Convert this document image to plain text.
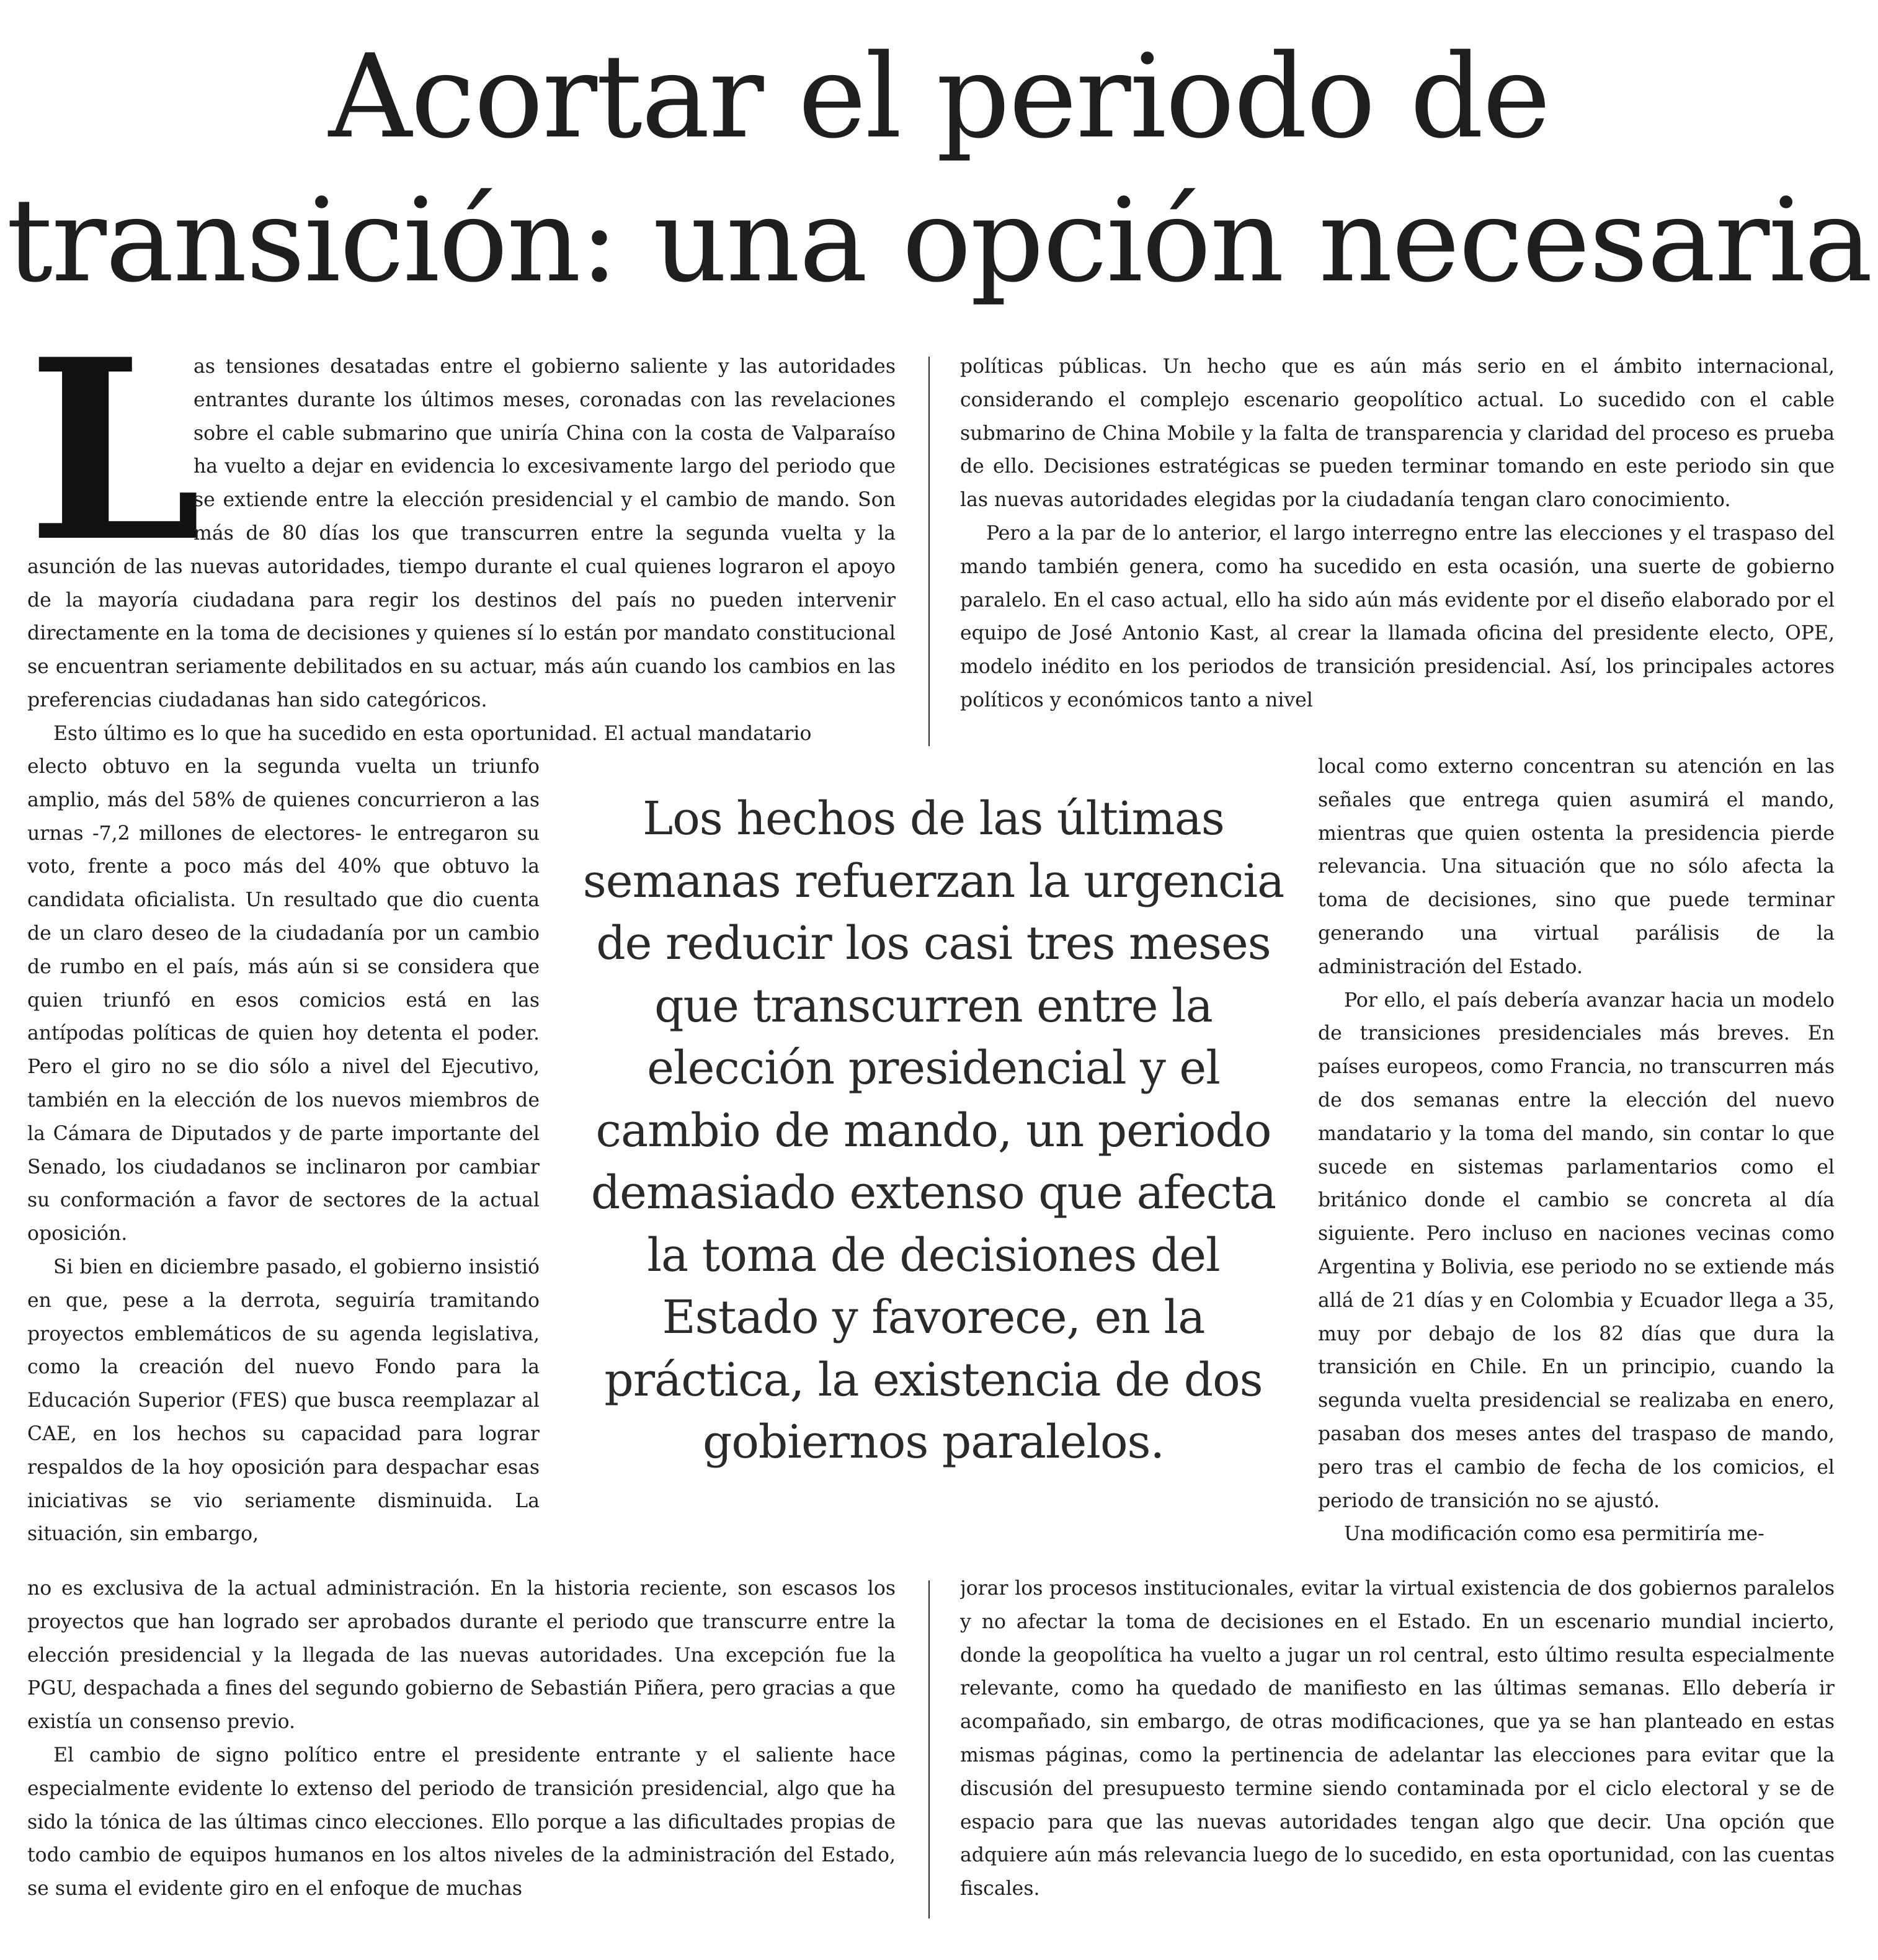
Acortar el periodo de
transición: una opción necesaria
L

as tensiones desatadas entre el gobierno saliente y las autoridades entrantes durante los últimos meses, coronadas con las revelaciones sobre el cable submarino que uniría China con la costa de Valparaíso ha vuelto a dejar en evidencia lo excesivamente largo del periodo que se extiende entre la elección presidencial y el cambio de mando. Son más de 80 días los que transcurren entre la segunda vuelta y la asunción de las nuevas autoridades, tiempo durante el cual quienes lograron el apoyo de la mayoría ciudadana para regir los destinos del país no pueden intervenir directamente en la toma de decisiones y quienes sí lo están por mandato constitucional se encuentran seriamente debilitados en su actuar, más aún cuando los cambios en las preferencias ciudadanas han sido categóricos.

Esto último es lo que ha sucedido en esta oportunidad. El actual mandatario

electo obtuvo en la segunda vuelta un triunfo amplio, más del 58% de quienes concurrieron a las urnas -7,2 millones de electores- le entregaron su voto, frente a poco más del 40% que obtuvo la candidata oficialista. Un resultado que dio cuenta de un claro deseo de la ciudadanía por un cambio de rumbo en el país, más aún si se considera que quien triunfó en esos comicios está en las antípodas políticas de quien hoy detenta el poder. Pero el giro no se dio sólo a nivel del Ejecutivo, también en la elección de los nuevos miembros de la Cámara de Diputados y de parte importante del Senado, los ciudadanos se inclinaron por cambiar su conformación a favor de sectores de la actual oposición.

Si bien en diciembre pasado, el gobierno insistió en que, pese a la derrota, seguiría tramitando proyectos emblemáticos de su agenda legislativa, como la creación del nuevo Fondo para la Educación Superior (FES) que busca reemplazar al CAE, en los hechos su capacidad para lograr respaldos de la hoy oposición para despachar esas iniciativas se vio seriamente disminuida. La situación, sin embargo,

no es exclusiva de la actual administración. En la historia reciente, son escasos los proyectos que han logrado ser aprobados durante el periodo que transcurre entre la elección presidencial y la llegada de las nuevas autoridades. Una excepción fue la PGU, despachada a fines del segundo gobierno de Sebastián Piñera, pero gracias a que existía un consenso previo.

El cambio de signo político entre el presidente entrante y el saliente hace especialmente evidente lo extenso del periodo de transición presidencial, algo que ha sido la tónica de las últimas cinco elecciones. Ello porque a las dificultades propias de todo cambio de equipos humanos en los altos niveles de la administración del Estado, se suma el evidente giro en el enfoque de muchas

políticas públicas. Un hecho que es aún más serio en el ámbito internacional, considerando el complejo escenario geopolítico actual. Lo sucedido con el cable submarino de China Mobile y la falta de transparencia y claridad del proceso es prueba de ello. Decisiones estratégicas se pueden terminar tomando en este periodo sin que las nuevas autoridades elegidas por la ciudadanía tengan claro conocimiento.

Pero a la par de lo anterior, el largo interregno entre las elecciones y el traspaso del mando también genera, como ha sucedido en esta ocasión, una suerte de gobierno paralelo. En el caso actual, ello ha sido aún más evidente por el diseño elaborado por el equipo de José Antonio Kast, al crear la llamada oficina del presidente electo, OPE, modelo inédito en los periodos de transición presidencial. Así, los principales actores políticos y económicos tanto a nivel

local como externo concentran su atención en las señales que entrega quien asumirá el mando, mientras que quien ostenta la presidencia pierde relevancia. Una situación que no sólo afecta la toma de decisiones, sino que puede terminar generando una virtual parálisis de la administración del Estado.

Por ello, el país debería avanzar hacia un modelo de transiciones presidenciales más breves. En países europeos, como Francia, no transcurren más de dos semanas entre la elección del nuevo mandatario y la toma del mando, sin contar lo que sucede en sistemas parlamentarios como el británico donde el cambio se concreta al día siguiente. Pero incluso en naciones vecinas como Argentina y Bolivia, ese periodo no se extiende más allá de 21 días y en Colombia y Ecuador llega a 35, muy por debajo de los 82 días que dura la transición en Chile. En un principio, cuando la segunda vuelta presidencial se realizaba en enero, pasaban dos meses antes del traspaso de mando, pero tras el cambio de fecha de los comicios, el periodo de transición no se ajustó.

Una modificación como esa permitiría me-

jorar los procesos institucionales, evitar la virtual existencia de dos gobiernos paralelos y no afectar la toma de decisiones en el Estado. En un escenario mundial incierto, donde la geopolítica ha vuelto a jugar un rol central, esto último resulta especialmente relevante, como ha quedado de manifiesto en las últimas semanas. Ello debería ir acompañado, sin embargo, de otras modificaciones, que ya se han planteado en estas mismas páginas, como la pertinencia de adelantar las elecciones para evitar que la discusión del presupuesto termine siendo contaminada por el ciclo electoral y se de espacio para que las nuevas autoridades tengan algo que decir. Una opción que adquiere aún más relevancia luego de lo sucedido, en esta oportunidad, con las cuentas fiscales.

Los hechos de las últimas semanas refuerzan la urgencia de reducir los casi tres meses que transcurren entre la elección presidencial y el cambio de mando, un periodo demasiado extenso que afecta la toma de decisiones del Estado y favorece, en la práctica, la existencia de dos gobiernos paralelos.
